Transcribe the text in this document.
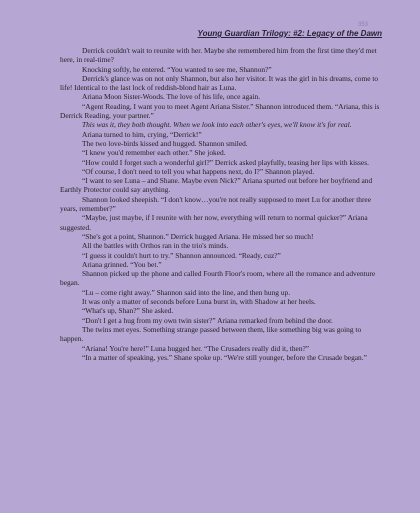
353
Young Guardian Trilogy: #2: Legacy of the Dawn

Derrick couldn't wait to reunite with her. Maybe she remembered him from the first time they'd met here, in real-time?

Knocking softly, he entered. “You wanted to see me, Shannon?”

Derrick's glance was on not only Shannon, but also her visitor. It was the girl in his dreams, come to life! Identical to the last lock of reddish-blond hair as Luna.

Ariana Moon Sister-Woods. The love of his life, once again.

“Agent Reading, I want you to meet Agent Ariana Sister.” Shannon introduced them. “Ariana, this is Derrick Reading, your partner.”

This was it, they both thought. When we look into each other's eyes, we'll know it's for real.

Ariana turned to him, crying, “Derrick!”

The two love-birds kissed and hugged. Shannon smiled.

“I knew you'd remember each other.” She joked.

“How could I forget such a wonderful girl?” Derrick asked playfully, teasing her lips with kisses.

“Of course, I don't need to tell you what happens next, do I?” Shannon played.

“I want to see Luna – and Shane. Maybe even Nick?” Ariana spurted out before her boyfriend and Earthly Protector could say anything.

Shannon looked sheepish. “I don't know…you're not really supposed to meet Lu for another three years, remember?”

“Maybe, just maybe, if I reunite with her now, everything will return to normal quicker?” Ariana suggested.

“She's got a point, Shannon.” Derrick hugged Ariana. He missed her so much!

All the battles with Orthos ran in the trio's minds.

“I guess it couldn't hurt to try.” Shannon announced. “Ready, cuz?”

Ariana grinned. “You bet.”

Shannon picked up the phone and called Fourth Floor's room, where all the romance and adventure began.

“Lu – come right away.” Shannon said into the line, and then hung up.

It was only a matter of seconds before Luna burst in, with Shadow at her heels.

“What's up, Shan?” She asked.

“Don't I get a hug from my own twin sister?” Ariana remarked from behind the door.

The twins met eyes. Something strange passed between them, like something big was going to happen.

“Ariana! You're here!” Luna hugged her. “The Crusaders really did it, then?”

“In a matter of speaking, yes.” Shane spoke up. “We're still younger, before the Crusade began.”
